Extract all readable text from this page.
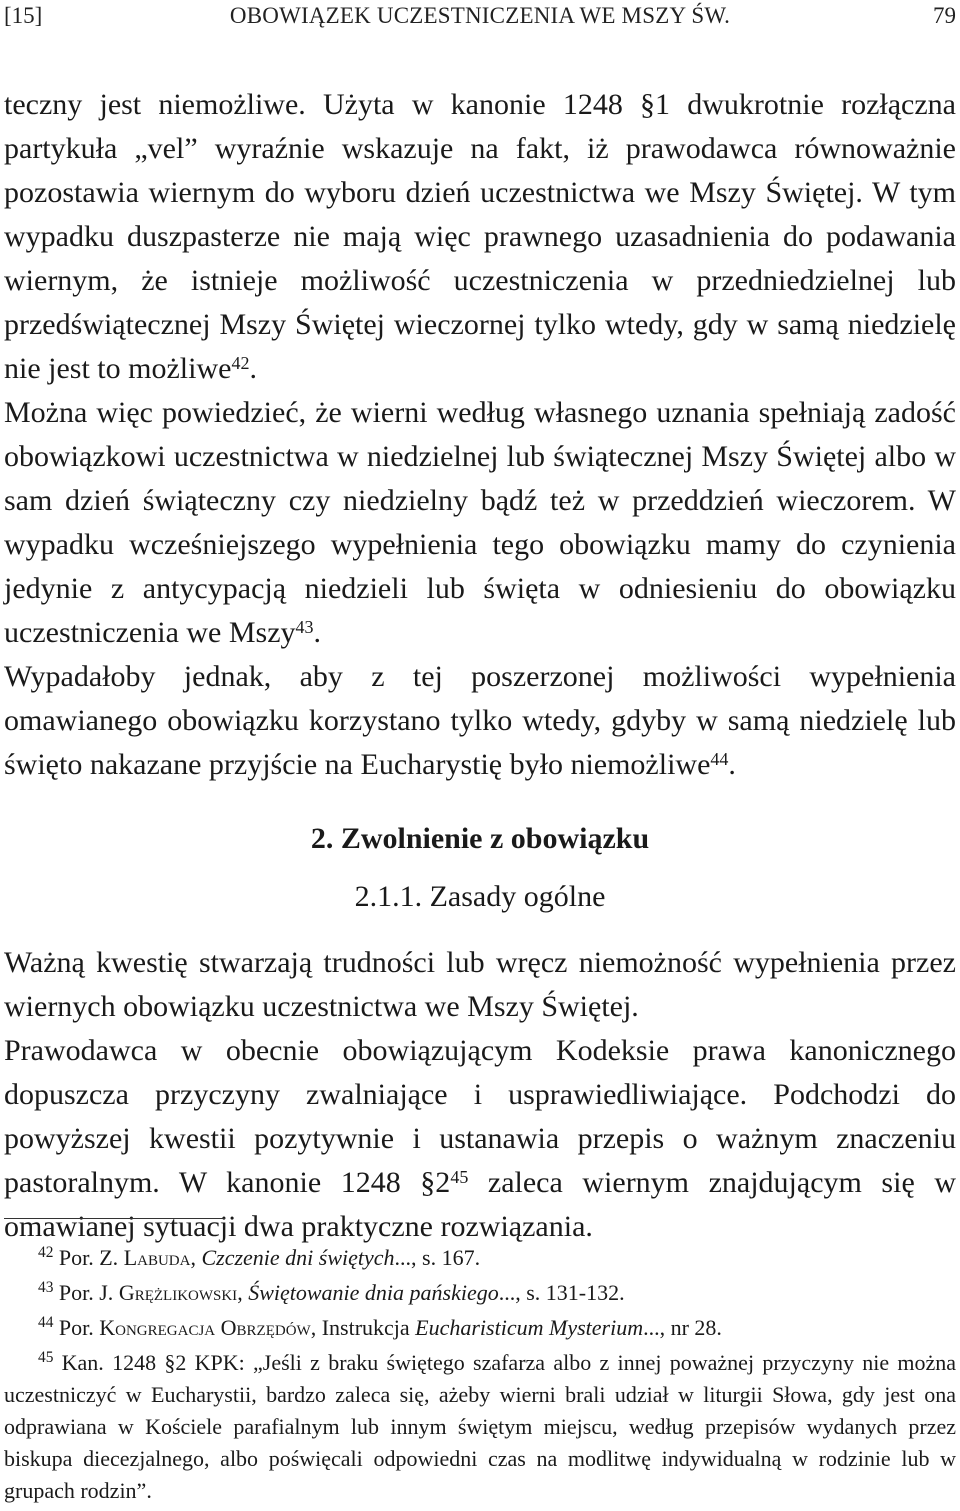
[15]	OBOWIĄZEK UCZESTNICZENIA WE MSZY ŚW.	79

teczny jest niemożliwe. Użyta w kanonie 1248 §1 dwukrotnie rozłączna partykuła „vel” wyraźnie wskazuje na fakt, iż prawodawca równoważnie pozostawia wiernym do wyboru dzień uczestnictwa we Mszy Świętej. W tym wypadku duszpasterze nie mają więc prawnego uzasadnienia do podawania wiernym, że istnieje możliwość uczestniczenia w przedniedzielnej lub przedświątecznej Mszy Świętej wieczornej tylko wtedy, gdy w samą niedzielę nie jest to możliwe$^{42}$.

Można więc powiedzieć, że wierni według własnego uznania spełniają zadość obowiązkowi uczestnictwa w niedzielnej lub świątecznej Mszy Świętej albo w sam dzień świąteczny czy niedzielny bądź też w przeddzień wieczorem. W wypadku wcześniejszego wypełnienia tego obowiązku mamy do czynienia jedynie z antycypacją niedzieli lub święta w odniesieniu do obowiązku uczestniczenia we Mszy$^{43}$.

Wypadałoby jednak, aby z tej poszerzonej możliwości wypełnienia omawianego obowiązku korzystano tylko wtedy, gdyby w samą niedzielę lub święto nakazane przyjście na Eucharystię było niemożliwe$^{44}$.

2. Zwolnienie z obowiązku
2.1.1. Zasady ogólne

Ważną kwestię stwarzają trudności lub wręcz niemożność wypełnienia przez wiernych obowiązku uczestnictwa we Mszy Świętej.

Prawodawca w obecnie obowiązującym Kodeksie prawa kanonicznego dopuszcza przyczyny zwalniające i usprawiedliwiające. Podchodzi do powyższej kwestii pozytywnie i ustanawia przepis o ważnym znaczeniu pastoralnym. W kanonie 1248 $\S 2^{45}$ zaleca wiernym znajdującym się w omawianej sytuacji dwa praktyczne rozwiązania.

$^{42}$ Por. Z. Labuda, Czczenie dni świętych..., s. 167.

$^{43}$ Por. J. Grężlikowski, Świętowanie dnia pańskiego..., s. 131-132.

$^{44}$ Por. Kongregacja Obrzędów, Instrukcja Eucharisticum Mysterium..., nr 28.

$^{45}$ Kan. 1248 §2 KPK: „Jeśli z braku świętego szafarza albo z innej poważnej przyczyny nie można uczestniczyć w Eucharystii, bardzo zaleca się, ażeby wierni brali udział w liturgii Słowa, gdy jest ona odprawiana w Kościele parafialnym lub innym świętym miejscu, według przepisów wydanych przez biskupa diecezjalnego, albo poświęcali odpowiedni czas na modlitwę indywidualną w rodzinie lub w grupach rodzin”.
